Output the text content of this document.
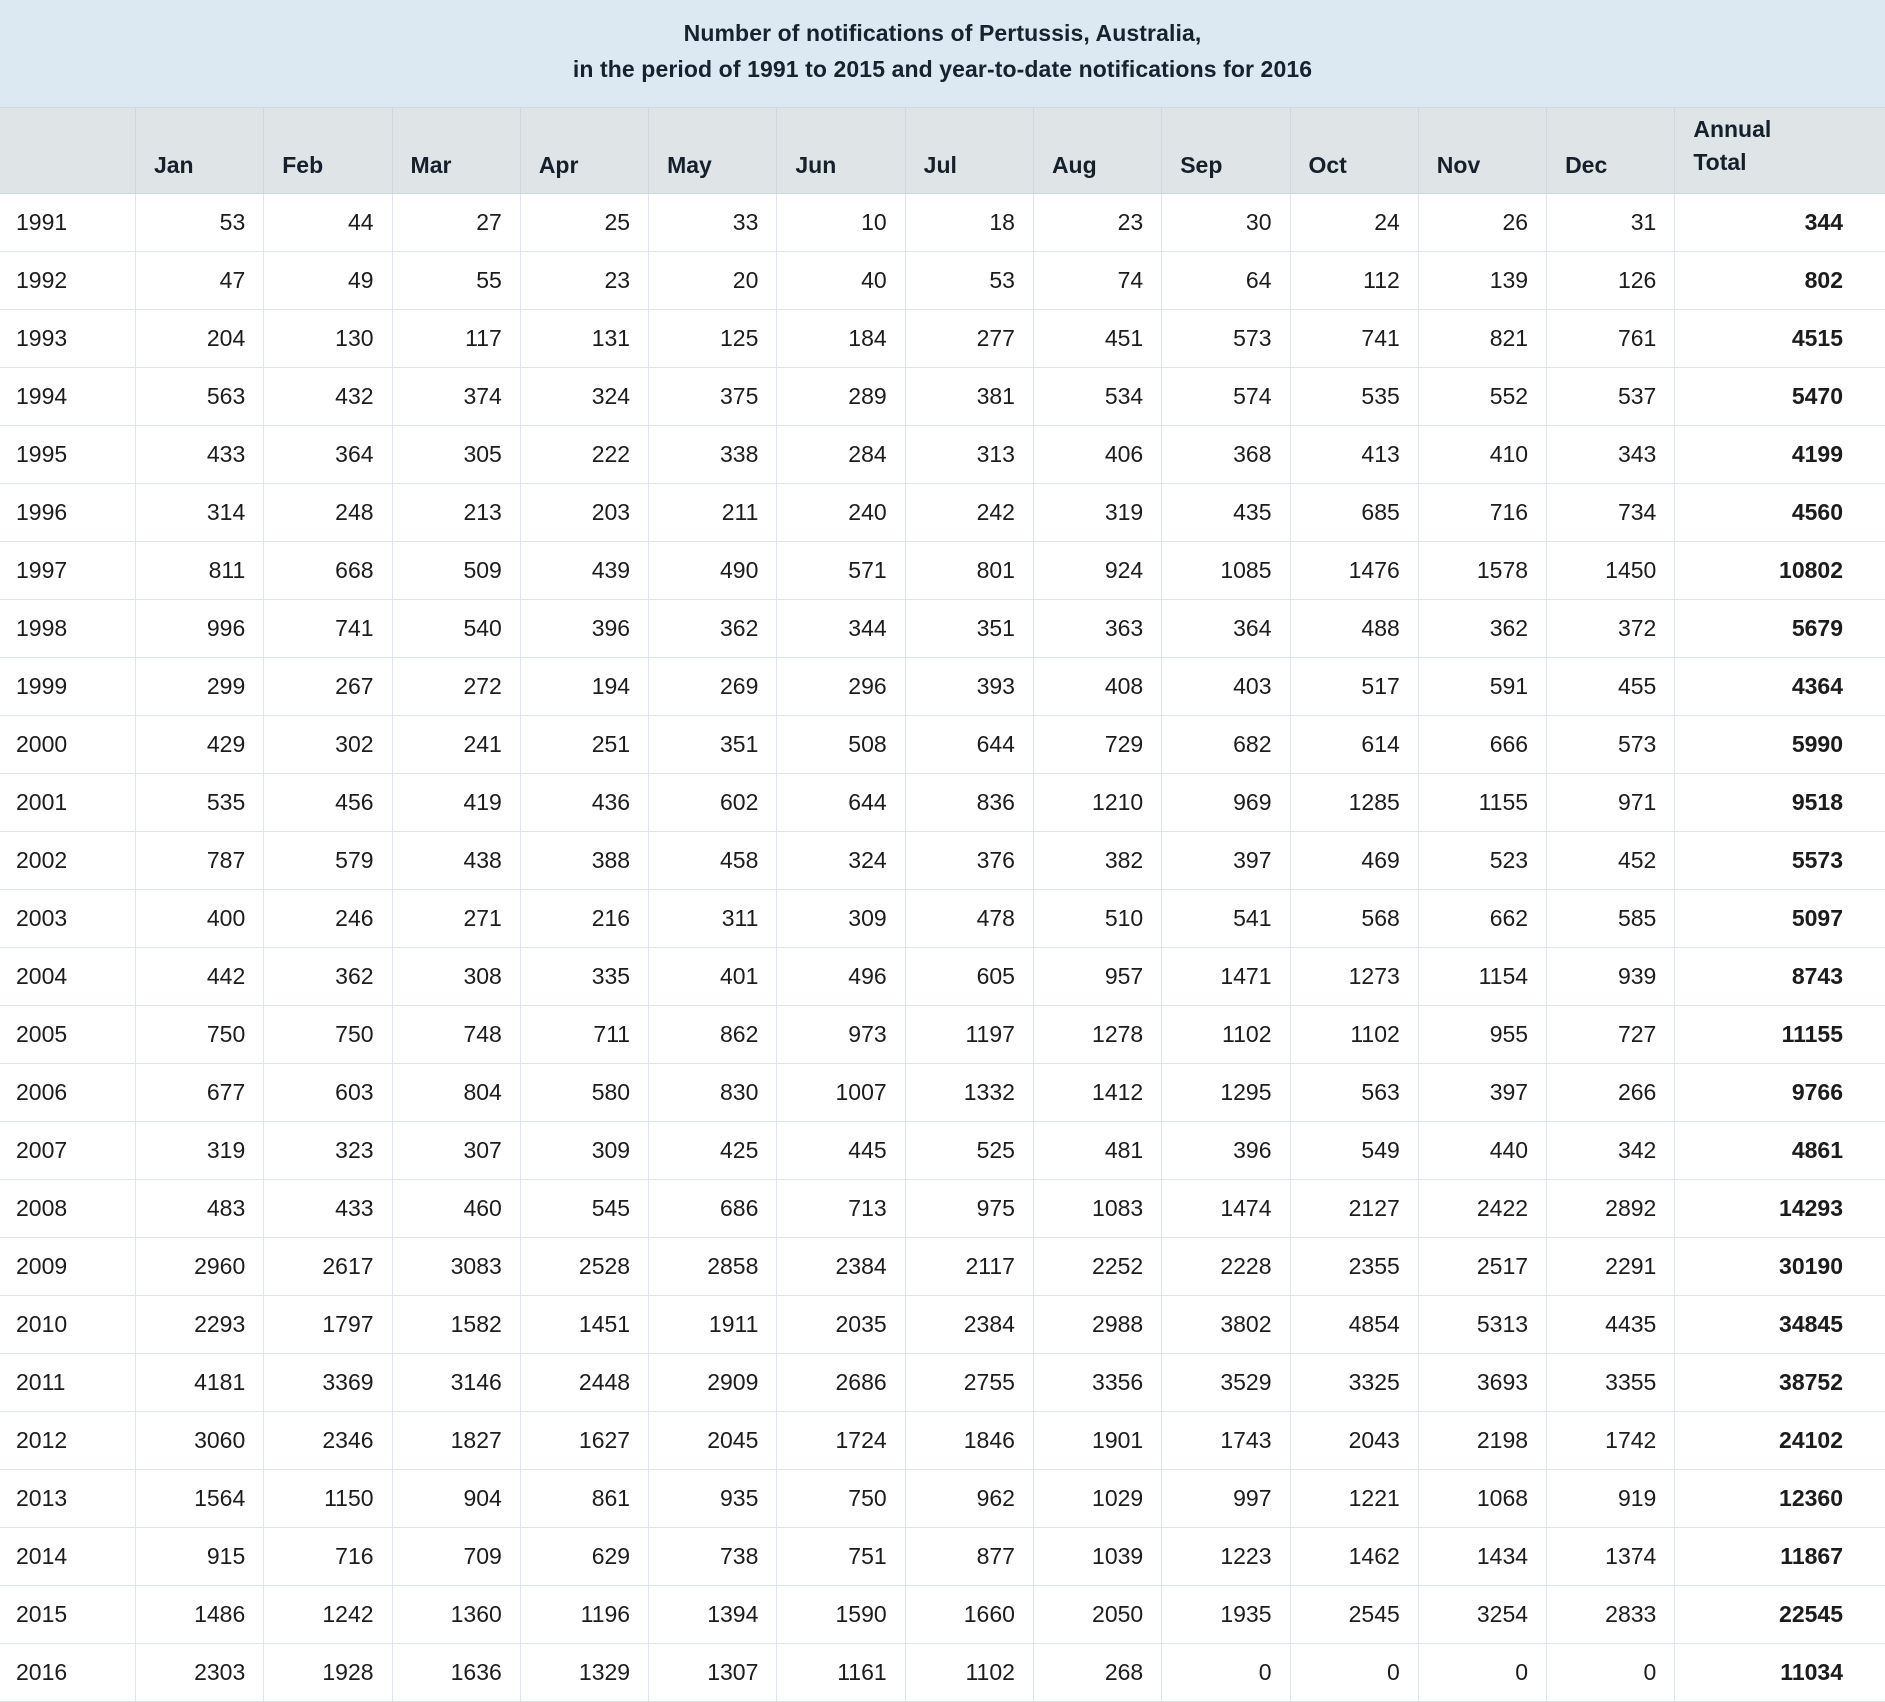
Number of notifications of Pertussis, Australia,
in the period of 1991 to 2015 and year-to-date notifications for 2016													

	Jan	Feb	Mar	Apr	May	Jun	Jul	Aug	Sep	Oct	Nov	Dec	Annual
Total

1991	53	44	27	25	33	10	18	23	30	24	26	31	344
1992	47	49	55	23	20	40	53	74	64	112	139	126	802
1993	204	130	117	131	125	184	277	451	573	741	821	761	4515
1994	563	432	374	324	375	289	381	534	574	535	552	537	5470
1995	433	364	305	222	338	284	313	406	368	413	410	343	4199
1996	314	248	213	203	211	240	242	319	435	685	716	734	4560
1997	811	668	509	439	490	571	801	924	1085	1476	1578	1450	10802
1998	996	741	540	396	362	344	351	363	364	488	362	372	5679
1999	299	267	272	194	269	296	393	408	403	517	591	455	4364
2000	429	302	241	251	351	508	644	729	682	614	666	573	5990
2001	535	456	419	436	602	644	836	1210	969	1285	1155	971	9518
2002	787	579	438	388	458	324	376	382	397	469	523	452	5573
2003	400	246	271	216	311	309	478	510	541	568	662	585	5097
2004	442	362	308	335	401	496	605	957	1471	1273	1154	939	8743
2005	750	750	748	711	862	973	1197	1278	1102	1102	955	727	11155
2006	677	603	804	580	830	1007	1332	1412	1295	563	397	266	9766
2007	319	323	307	309	425	445	525	481	396	549	440	342	4861
2008	483	433	460	545	686	713	975	1083	1474	2127	2422	2892	14293
2009	2960	2617	3083	2528	2858	2384	2117	2252	2228	2355	2517	2291	30190
2010	2293	1797	1582	1451	1911	2035	2384	2988	3802	4854	5313	4435	34845
2011	4181	3369	3146	2448	2909	2686	2755	3356	3529	3325	3693	3355	38752
2012	3060	2346	1827	1627	2045	1724	1846	1901	1743	2043	2198	1742	24102
2013	1564	1150	904	861	935	750	962	1029	997	1221	1068	919	12360
2014	915	716	709	629	738	751	877	1039	1223	1462	1434	1374	11867
2015	1486	1242	1360	1196	1394	1590	1660	2050	1935	2545	3254	2833	22545
2016	2303	1928	1636	1329	1307	1161	1102	268	0	0	0	0	11034
